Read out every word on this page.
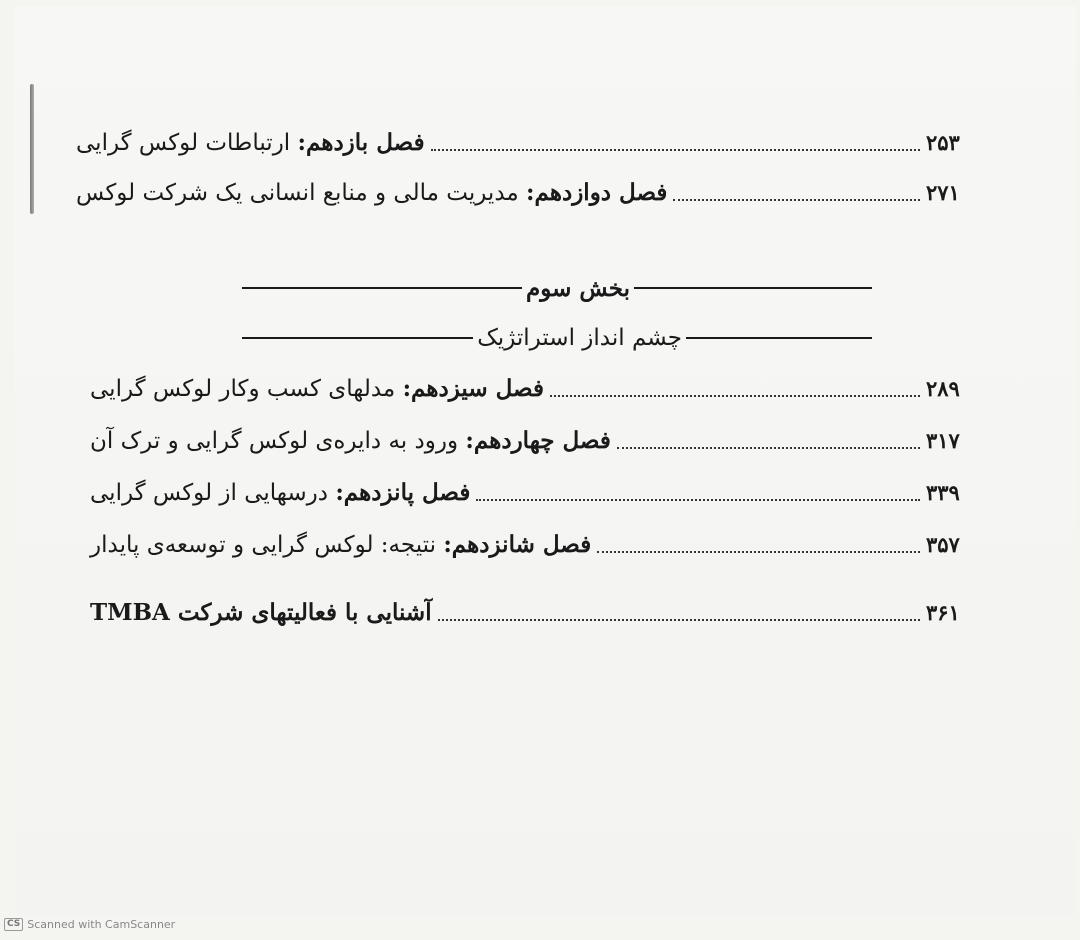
فصل بازدهم: ارتباطات لوکس گرایی	۲۵۳
فصل دوازدهم: مدیریت مالی و منابع انسانی یک شرکت لوکس	۲۷۱
بخش سوم
چشم انداز استراتژیک
فصل سیزدهم: مدلهای کسب وکار لوکس گرایی	۲۸۹
فصل چهاردهم: ورود به دایره‌ی لوکس گرایی و ترک آن	۳۱۷
فصل پانزدهم: درسهایی از لوکس گرایی	۳۳۹
فصل شانزدهم: نتیجه: لوکس گرایی و توسعه‌ی پایدار	۳۵۷
آشنایی با فعالیتهای شرکت TMBA	۳۶۱
CS Scanned with CamScanner
